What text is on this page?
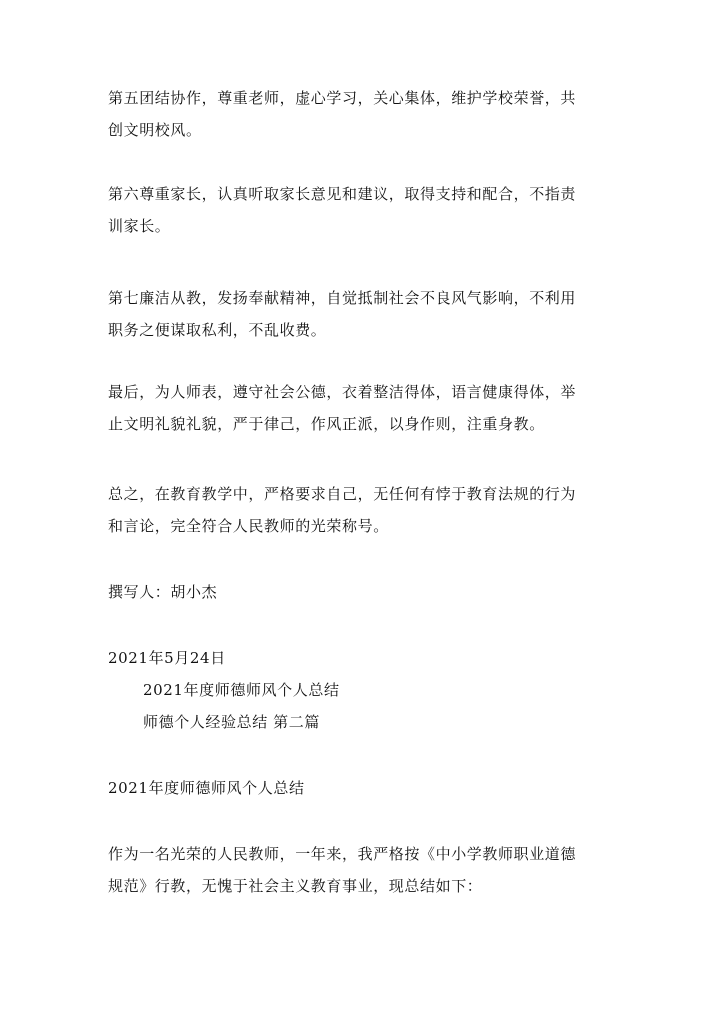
第五团结协作，尊重老师，虚心学习，关心集体，维护学校荣誉，共
创文明校风。

第六尊重家长，认真听取家长意见和建议，取得支持和配合，不指责
训家长。

第七廉洁从教，发扬奉献精神，自觉抵制社会不良风气影响，不利用
职务之便谋取私利，不乱收费。

最后，为人师表，遵守社会公德，衣着整洁得体，语言健康得体，举
止文明礼貌礼貌，严于律己，作风正派，以身作则，注重身教。

总之，在教育教学中，严格要求自己，无任何有悖于教育法规的行为
和言论，完全符合人民教师的光荣称号。

撰写人：胡小杰

2021年5月24日

2021年度师德师风个人总结
师德个人经验总结 第二篇

2021年度师德师风个人总结

作为一名光荣的人民教师，一年来，我严格按《中小学教师职业道德
规范》行教，无愧于社会主义教育事业，现总结如下：
